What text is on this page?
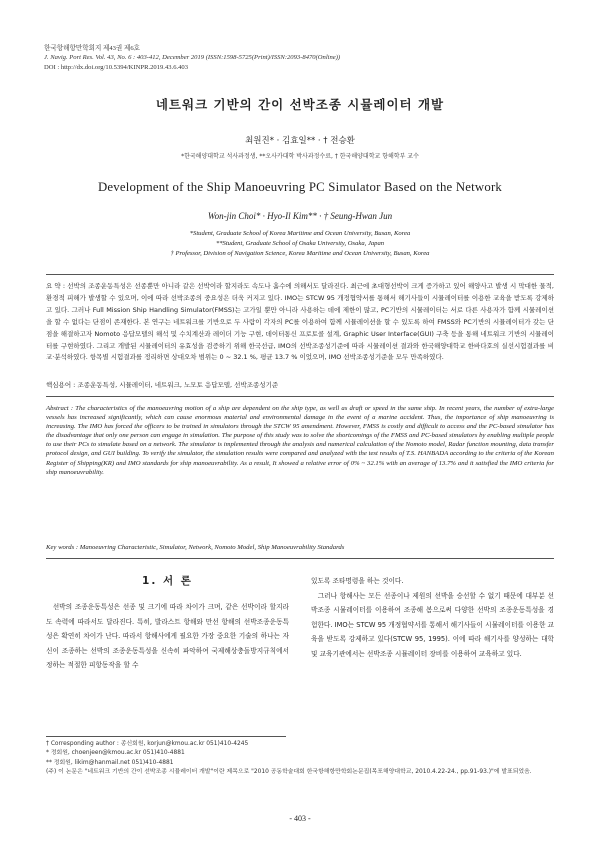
한국항해항만학회지 제43권 제6호
J. Navig. Port Res. Vol. 43, No. 6 : 403-412, December 2019 (ISSN:1598-5725(Print)/ISSN:2093-8470(Online))
DOI : http://dx.doi.org/10.5394/KINPR.2019.43.6.403
네트워크 기반의 간이 선박조종 시뮬레이터 개발
최원진* · 김효일** · † 전승환
*한국해양대학교 석사과정생, **오사카대학 박사과정수료, † 한국해양대학교 항해학부 교수
Development of the Ship Manoeuvring PC Simulator Based on the Network
Won-jin Choi* · Hyo-Il Kim** · † Seung-Hwan Jun
*Student, Graduate School of Korea Maritime and Ocean University, Busan, Korea
**Student, Graduate School of Osaka University, Osaka, Japan
† Professor, Division of Navigation Science, Korea Maritime and Ocean University, Busan, Korea
요 약 : 선박의 조종운동특성은 선종뿐만 아니라 같은 선박이라 할지라도 속도나 흘수에 의해서도 달라진다. 최근에 초대형선박이 크게 증가하고 있어 해양사고 발생 시 막대한 물적, 환경적 피해가 발생할 수 있으며, 이에 따라 선박조종의 중요성은 더욱 커지고 있다. IMO는 STCW 95 개정협약서를 통해서 해기사들이 시뮬레이터를 이용한 교육을 받도록 강제하고 있다. 그러나 Full Mission Ship Handling Simulator(FMSS)는 고가일 뿐만 아니라 사용하는 데에 제한이 많고, PC기반의 시뮬레이터는 서로 다른 사용자가 함께 시뮬레이션을 할 수 없다는 단점이 존재한다. 본 연구는 네트워크를 기반으로 두 사람이 각자의 PC를 이용하여 함께 시뮬레이션을 할 수 있도록 하여 FMSS와 PC기반의 시뮬레이터가 갖는 단점을 해결하고자 Nomoto 응답모델의 해석 및 수치계산과 레이더 기능 구현, 데이터통신 프로토콜 설계, Graphic User Interface(GUI) 구축 등을 통해 네트워크 기반의 시뮬레이터를 구현하였다. 그리고 개발된 시뮬레이터의 유효성을 검증하기 위해 한국선급, IMO의 선박조종성기준에 따라 시뮬레이션 결과와 한국해양대학교 한바다호의 실선시험결과를 비교·분석하였다. 항목별 시험결과를 정리하면 상대오차 범위는 0 ~ 32.1 %, 평균 13.7 % 이었으며, IMO 선박조종성기준을 모두 만족하였다.
핵심용어 : 조종운동특성, 시뮬레이터, 네트워크, 노모토 응답모델, 선박조종성기준
Abstract : The characteristics of the manoeuvring motion of a ship are dependent on the ship type, as well as draft or speed in the same ship. In recent years, the number of extra-large vessels has increased significantly, which can cause enormous material and environmental damage in the event of a marine accident. Thus, the importance of ship manoeuvring is increasing. The IMO has forced the officers to be trained in simulators through the STCW 95 amendment. However, FMSS is costly and difficult to access and the PC-based simulator has the disadvantage that only one person can engage in simulation. The purpose of this study was to solve the shortcomings of the FMSS and PC-based simulators by enabling multiple people to use their PCs to simulate based on a network. The simulator is implemented through the analysis and numerical calculation of the Nomoto model, Radar function mounting, data transfer protocol design, and GUI building. To verify the simulator, the simulation results were compared and analyzed with the test results of T.S. HANBADA according to the criteria of the Korean Register of Shipping(KR) and IMO standards for ship manoeuvrability. As a result, It showed a relative error of 0% ~ 32.1% with an average of 13.7% and it satisfied the IMO criteria for ship manoeuvrability.
Key words : Manoeuvring Characteristic, Simulator, Network, Nomoto Model, Ship Manoeuvrability Standards
1. 서 론

선박의 조종운동특성은 선종 및 크기에 따라 차이가 크며, 같은 선박이라 할지라도 속력에 따라서도 달라진다. 특히, 발라스트 항해와 만선 항해의 선박조종운동특성은 확연히 차이가 난다. 따라서 항해사에게 필요한 가장 중요한 기술의 하나는 자신이 조종하는 선박의 조종운동특성을 신속히 파악하여 국제해상충돌방지규칙에서 정하는 적절한 피항동작을 할 수

있도록 조타명령을 하는 것이다.

그러나 항해사는 모든 선종이나 제원의 선박을 승선할 수 없기 때문에 대부분 선박조종 시뮬레이터를 이용하여 조종해 봄으로써 다양한 선박의 조종운동특성을 경험한다. IMO는 STCW 95 개정협약서를 통해서 해기사들이 시뮬레이터를 이용한 교육을 받도록 강제하고 있다(STCW 95, 1995). 이에 따라 해기사를 양성하는 대학 및 교육기관에서는 선박조종 시뮬레이터 장비를 이용하여 교육하고 있다.

† Corresponding author : 종신회원, korjun@kmou.ac.kr 051)410-4245
* 정회원, choenjeen@kmou.ac.kr 051)410-4881
** 정회원, likim@hanmail.net 051)410-4881
(주) 이 논문은 "네트워크 기반의 간이 선박조종 시뮬레이터 개발"이란 제목으로 "2010 공동학술대회 한국항해항만학회논문집(목포해양대학교, 2010.4.22-24., pp.91-93.)"에 발표되었음.
- 403 -
